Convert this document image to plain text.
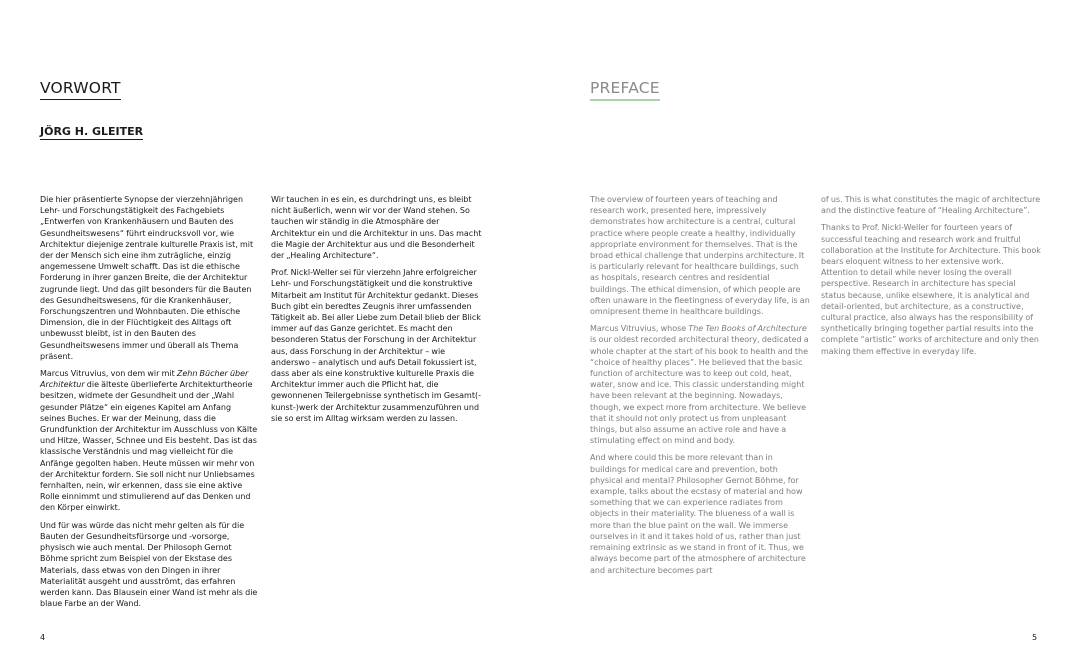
VORWORT
JÖRG H. GLEITER

Die hier präsentierte Synopse der vierzehnjährigen Lehr- und Forschungstätigkeit des Fachgebiets „Entwerfen von Krankenhäusern und Bauten des Gesundheitswesens“ führt eindrucksvoll vor, wie Architektur diejenige zentrale kulturelle Praxis ist, mit der der Mensch sich eine ihm zuträgliche, einzig angemessene Umwelt schafft. Das ist die ethische Forderung in ihrer ganzen Breite, die der Architektur zugrunde liegt. Und das gilt besonders für die Bauten des Gesundheitswesens, für die Krankenhäuser, Forschungszentren und Wohnbauten. Die ethische Dimension, die in der Flüchtigkeit des Alltags oft unbewusst bleibt, ist in den Bauten des Gesundheitswesens immer und überall als Thema präsent.

Marcus Vitruvius, von dem wir mit Zehn Bücher über Architektur die älteste überlieferte Architekturtheorie besitzen, widmete der Gesundheit und der „Wahl gesunder Plätze“ ein eigenes Kapitel am Anfang seines Buches. Er war der Meinung, dass die Grundfunktion der Architektur im Ausschluss von Kälte und Hitze, Wasser, Schnee und Eis besteht. Das ist das klassische Verständnis und mag vielleicht für die Anfänge gegolten haben. Heute müssen wir mehr von der Architektur fordern. Sie soll nicht nur Unliebsames fernhalten, nein, wir erkennen, dass sie eine aktive Rolle einnimmt und stimulierend auf das Denken und den Körper einwirkt.

Und für was würde das nicht mehr gelten als für die Bauten der Gesundheitsfürsorge und -vorsorge, physisch wie auch mental. Der Philosoph Gernot Böhme spricht zum Beispiel von der Ekstase des Materials, dass etwas von den Dingen in ihrer Materialität ausgeht und ausströmt, das erfahren werden kann. Das Blausein einer Wand ist mehr als die blaue Farbe an der Wand.

Wir tauchen in es ein, es durchdringt uns, es bleibt nicht äußerlich, wenn wir vor der Wand stehen. So tauchen wir ständig in die Atmosphäre der Architektur ein und die Architektur in uns. Das macht die Magie der Architektur aus und die Besonderheit der „Healing Architecture“.

Prof. Nickl-Weller sei für vierzehn Jahre erfolgreicher Lehr- und Forschungstätigkeit und die konstruktive Mitarbeit am Institut für Architektur gedankt. Dieses Buch gibt ein beredtes Zeugnis ihrer umfassenden Tätigkeit ab. Bei aller Liebe zum Detail blieb der Blick immer auf das Ganze gerichtet. Es macht den besonderen Status der Forschung in der Architektur aus, dass Forschung in der Architektur – wie anderswo – analytisch und aufs Detail fokussiert ist, dass aber als eine konstruktive kulturelle Praxis die Architektur immer auch die Pflicht hat, die gewonnenen Teilergebnisse synthetisch im Gesamt(-kunst-)werk der Architektur zusammenzuführen und sie so erst im Alltag wirksam werden zu lassen.

4

PREFACE

The overview of fourteen years of teaching and research work, presented here, impressively demonstrates how architecture is a central, cultural practice where people create a healthy, individually appropriate environment for themselves. That is the broad ethical challenge that underpins architecture. It is particularly relevant for healthcare buildings, such as hospitals, research centres and residential buildings. The ethical dimension, of which people are often unaware in the fleetingness of everyday life, is an omnipresent theme in healthcare buildings.

Marcus Vitruvius, whose The Ten Books of Architecture is our oldest recorded architectural theory, dedicated a whole chapter at the start of his book to health and the “choice of healthy places”. He believed that the basic function of architecture was to keep out cold, heat, water, snow and ice. This classic understanding might have been relevant at the beginning. Nowadays, though, we expect more from architecture. We believe that it should not only protect us from unpleasant things, but also assume an active role and have a stimulating effect on mind and body.

And where could this be more relevant than in buildings for medical care and prevention, both physical and mental? Philosopher Gernot Böhme, for example, talks about the ecstasy of material and how something that we can experience radiates from objects in their materiality. The blueness of a wall is more than the blue paint on the wall. We immerse ourselves in it and it takes hold of us, rather than just remaining extrinsic as we stand in front of it. Thus, we always become part of the atmosphere of architecture and architecture becomes part

of us. This is what constitutes the magic of architecture and the distinctive feature of “Healing Architecture”.

Thanks to Prof. Nickl-Weller for fourteen years of successful teaching and research work and fruitful collaboration at the Institute for Architecture. This book bears eloquent witness to her extensive work. Attention to detail while never losing the overall perspective. Research in architecture has special status because, unlike elsewhere, it is analytical and detail-oriented, but architecture, as a constructive, cultural practice, also always has the responsibility of synthetically bringing together partial results into the complete “artistic” works of architecture and only then making them effective in everyday life.

5
